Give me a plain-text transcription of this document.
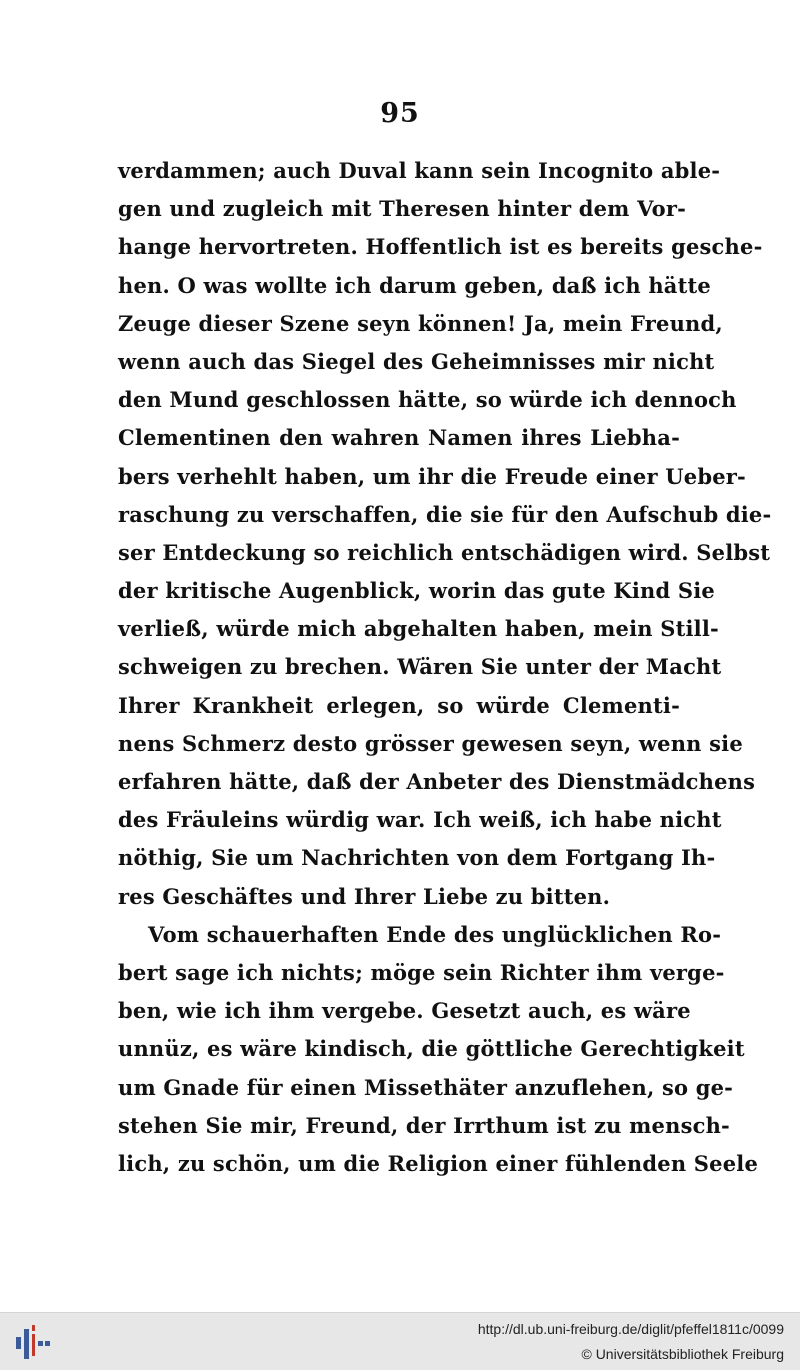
95
verdammen; auch Duval kann sein Incognito able-
gen und zugleich mit Theresen hinter dem Vor-
hange hervortreten. Hoffentlich ist es bereits gesche-
hen. O was wollte ich darum geben, daß ich hätte
Zeuge dieser Szene seyn können! Ja, mein Freund,
wenn auch das Siegel des Geheimnisses mir nicht
den Mund geschlossen hätte, so würde ich dennoch
Clementinen den wahren Namen ihres Liebha-
bers verhehlt haben, um ihr die Freude einer Ueber-
raschung zu verschaffen, die sie für den Aufschub die-
ser Entdeckung so reichlich entschädigen wird. Selbst
der kritische Augenblick, worin das gute Kind Sie
verließ, würde mich abgehalten haben, mein Still-
schweigen zu brechen. Wären Sie unter der Macht
Ihrer Krankheit erlegen, so würde Clementi-
nens Schmerz desto grösser gewesen seyn, wenn sie
erfahren hätte, daß der Anbeter des Dienstmädchens
des Fräuleins würdig war. Ich weiß, ich habe nicht
nöthig, Sie um Nachrichten von dem Fortgang Ih-
res Geschäftes und Ihrer Liebe zu bitten.
Vom schauerhaften Ende des unglücklichen Ro-
bert sage ich nichts; möge sein Richter ihm verge-
ben, wie ich ihm vergebe. Gesetzt auch, es wäre
unnüz, es wäre kindisch, die göttliche Gerechtigkeit
um Gnade für einen Missethäter anzuflehen, so ge-
stehen Sie mir, Freund, der Irrthum ist zu mensch-
lich, zu schön, um die Religion einer fühlenden Seele
http://dl.ub.uni-freiburg.de/diglit/pfeffel1811c/0099
© Universitätsbibliothek Freiburg
